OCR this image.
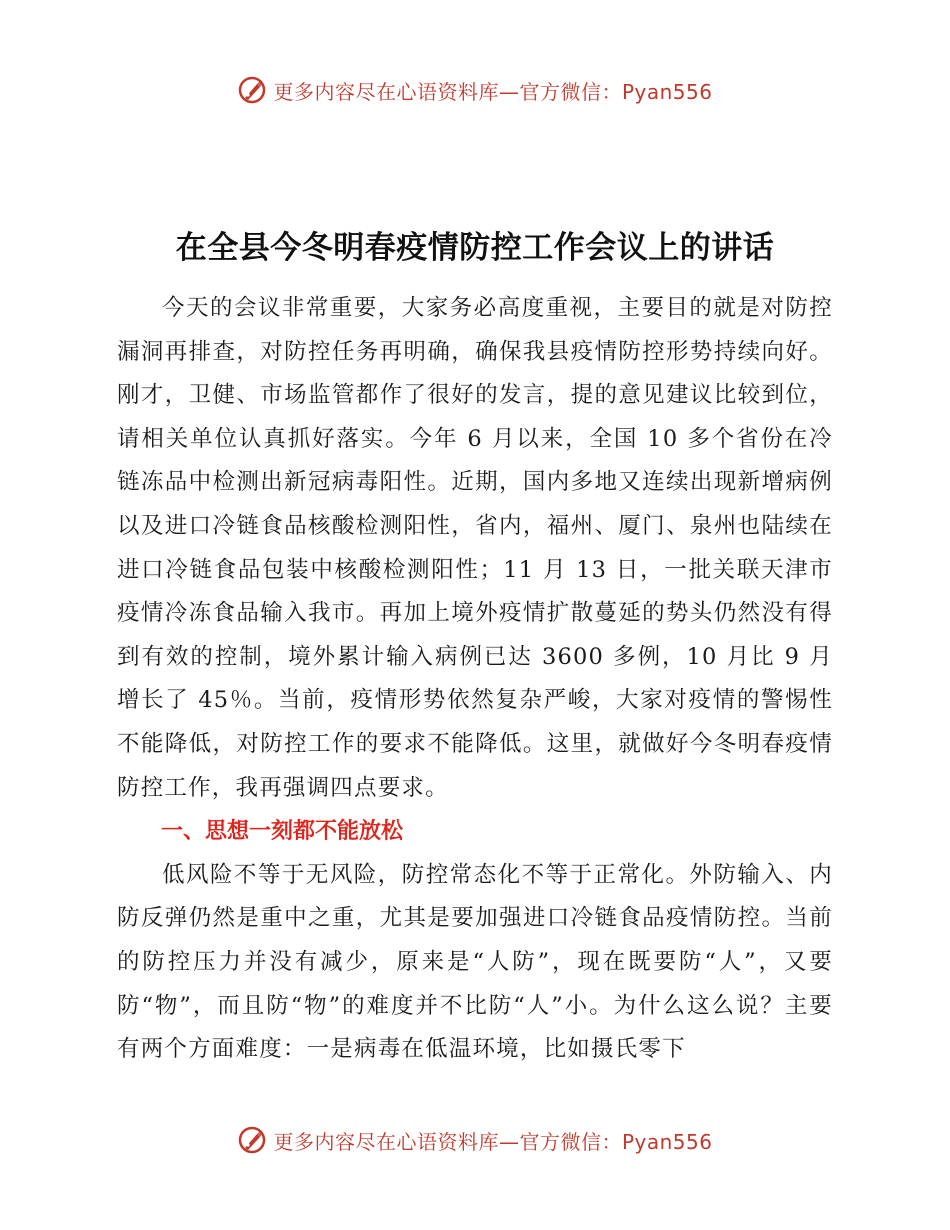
更多内容尽在心语资料库—官方微信：Pyan556
在全县今冬明春疫情防控工作会议上的讲话

今天的会议非常重要，大家务必高度重视，主要目的就是对防控漏洞再排查，对防控任务再明确，确保我县疫情防控形势持续向好。刚才，卫健、市场监管都作了很好的发言，提的意见建议比较到位，请相关单位认真抓好落实。今年 6 月以来，全国 10 多个省份在冷链冻品中检测出新冠病毒阳性。近期，国内多地又连续出现新增病例以及进口冷链食品核酸检测阳性，省内，福州、厦门、泉州也陆续在进口冷链食品包装中核酸检测阳性；11 月 13 日，一批关联天津市疫情冷冻食品输入我市。再加上境外疫情扩散蔓延的势头仍然没有得到有效的控制，境外累计输入病例已达 3600 多例，10 月比 9 月增长了 45％。当前，疫情形势依然复杂严峻，大家对疫情的警惕性不能降低，对防控工作的要求不能降低。这里，就做好今冬明春疫情防控工作，我再强调四点要求。

一、思想一刻都不能放松

低风险不等于无风险，防控常态化不等于正常化。外防输入、内防反弹仍然是重中之重，尤其是要加强进口冷链食品疫情防控。当前的防控压力并没有减少，原来是“人防”，现在既要防“人”，又要防“物”，而且防“物”的难度并不比防“人”小。为什么这么说？主要有两个方面难度：一是病毒在低温环境，比如摄氏零下

更多内容尽在心语资料库—官方微信：Pyan556
